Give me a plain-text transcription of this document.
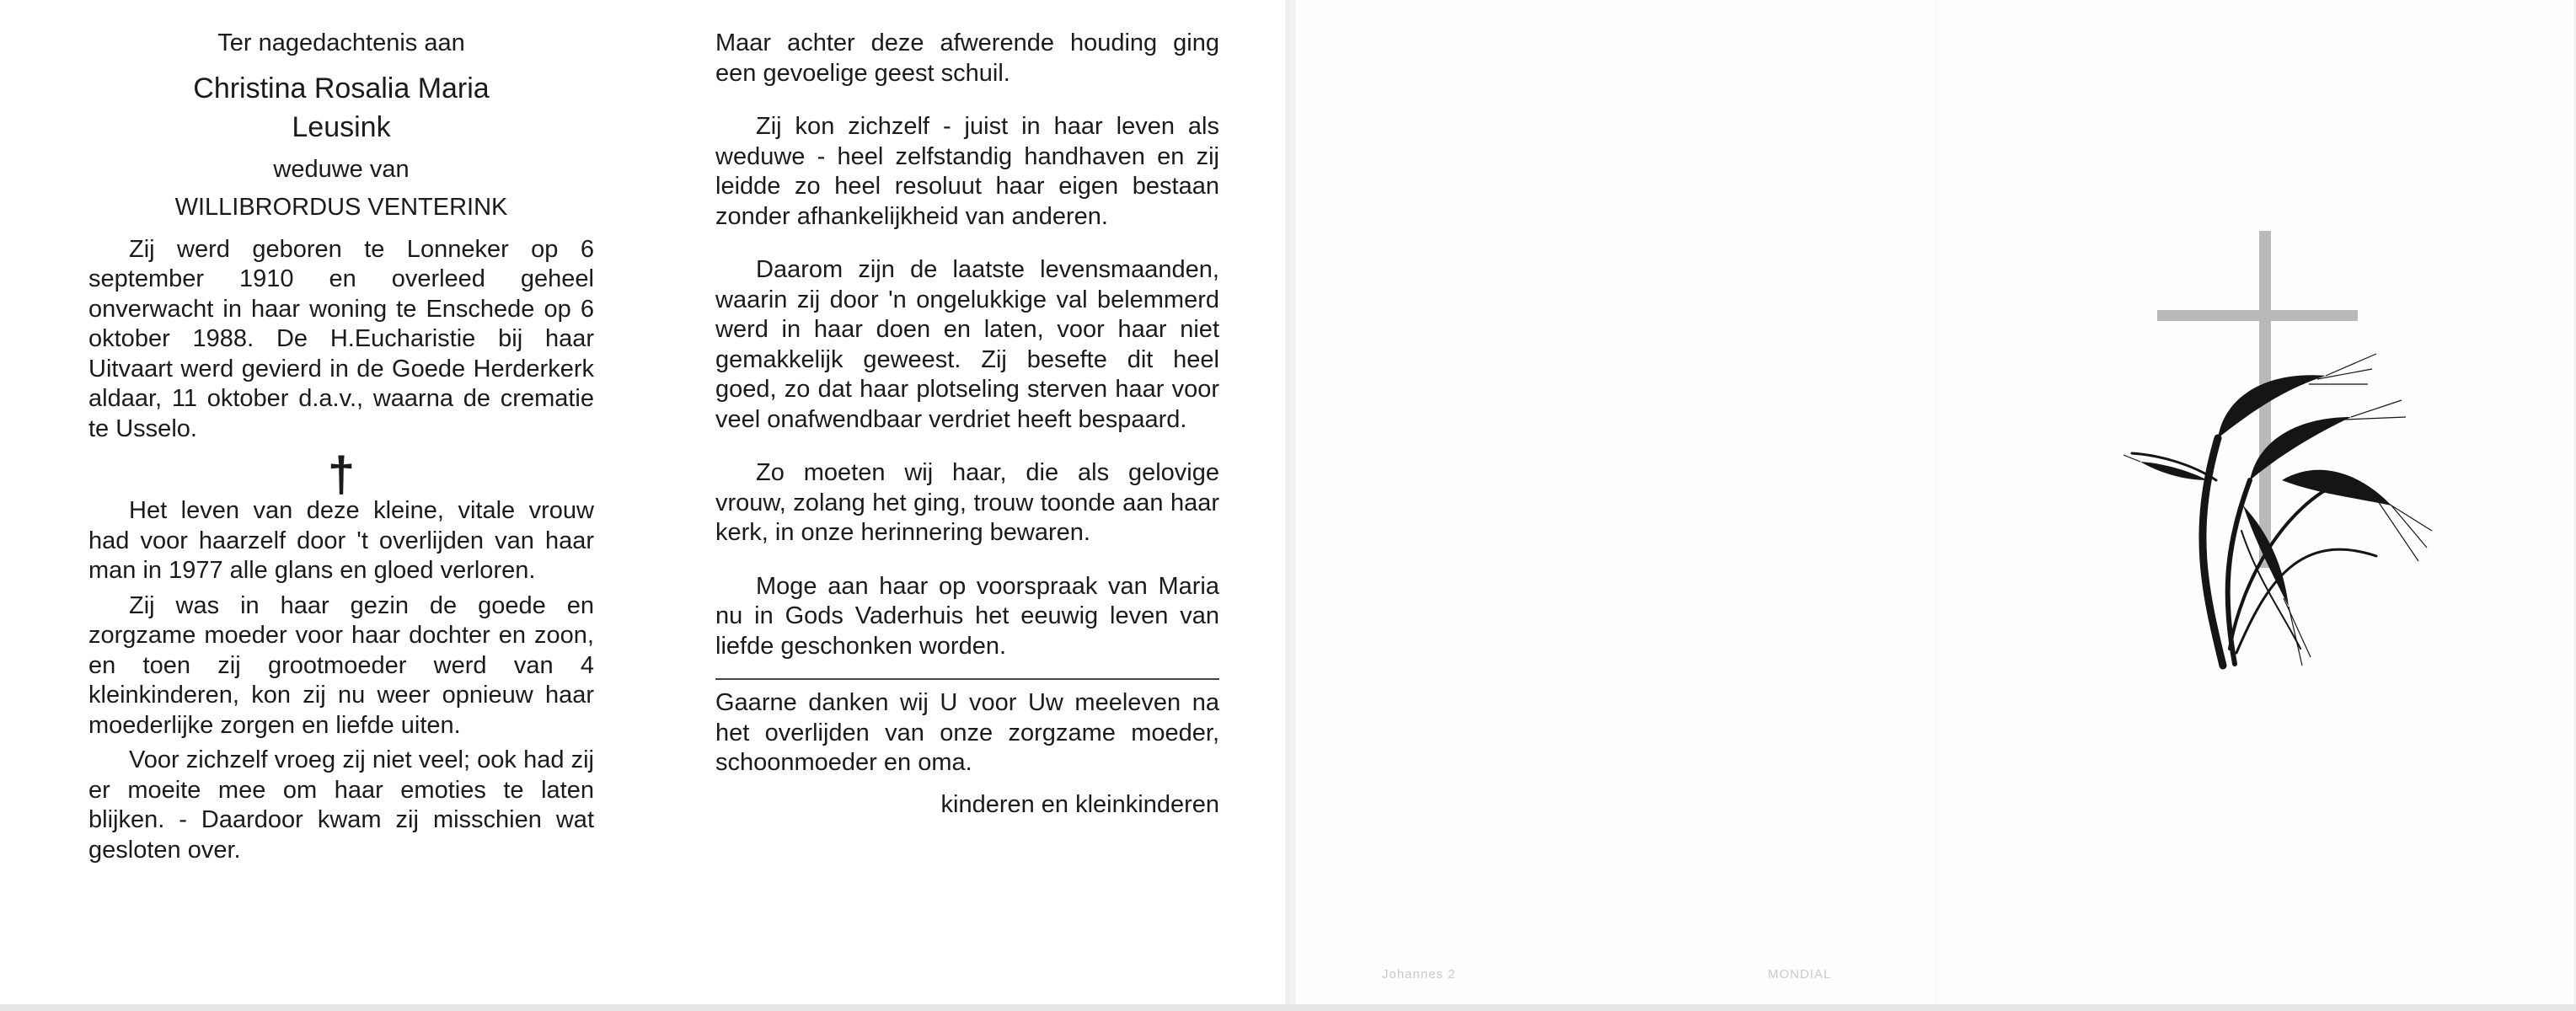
Ter nagedachtenis aan

Christina Rosalia Maria

Leusink

weduwe van

WILLIBRORDUS VENTERINK

Zij werd geboren te Lonneker op 6 september 1910 en overleed geheel onverwacht in haar woning te Enschede op 6 oktober 1988. De H.Eucharistie bij haar Uitvaart werd gevierd in de Goede Herderkerk aldaar, 11 oktober d.a.v., waarna de crematie te Usselo.

†

Het leven van deze kleine, vitale vrouw had voor haarzelf door 't overlijden van haar man in 1977 alle glans en gloed verloren.

Zij was in haar gezin de goede en zorgzame moeder voor haar dochter en zoon, en toen zij grootmoeder werd van 4 kleinkinderen, kon zij nu weer opnieuw haar moederlijke zorgen en liefde uiten.

Voor zichzelf vroeg zij niet veel; ook had zij er moeite mee om haar emoties te laten blijken. - Daardoor kwam zij misschien wat gesloten over.

Maar achter deze afwerende houding ging een gevoelige geest schuil.

Zij kon zichzelf - juist in haar leven als weduwe - heel zelfstandig handhaven en zij leidde zo heel resoluut haar eigen bestaan zonder afhankelijkheid van anderen.

Daarom zijn de laatste levensmaanden, waarin zij door 'n ongelukkige val belemmerd werd in haar doen en laten, voor haar niet gemakkelijk geweest. Zij besefte dit heel goed, zo dat haar plotseling sterven haar voor veel onafwendbaar verdriet heeft bespaard.

Zo moeten wij haar, die als gelovige vrouw, zolang het ging, trouw toonde aan haar kerk, in onze herinnering bewaren.

Moge aan haar op voorspraak van Maria nu in Gods Vaderhuis het eeuwig leven van liefde geschonken worden.

Gaarne danken wij U voor Uw meeleven na het overlijden van onze zorgzame moeder, schoonmoeder en oma.

kinderen en kleinkinderen

Johannes 2	MONDIAL
